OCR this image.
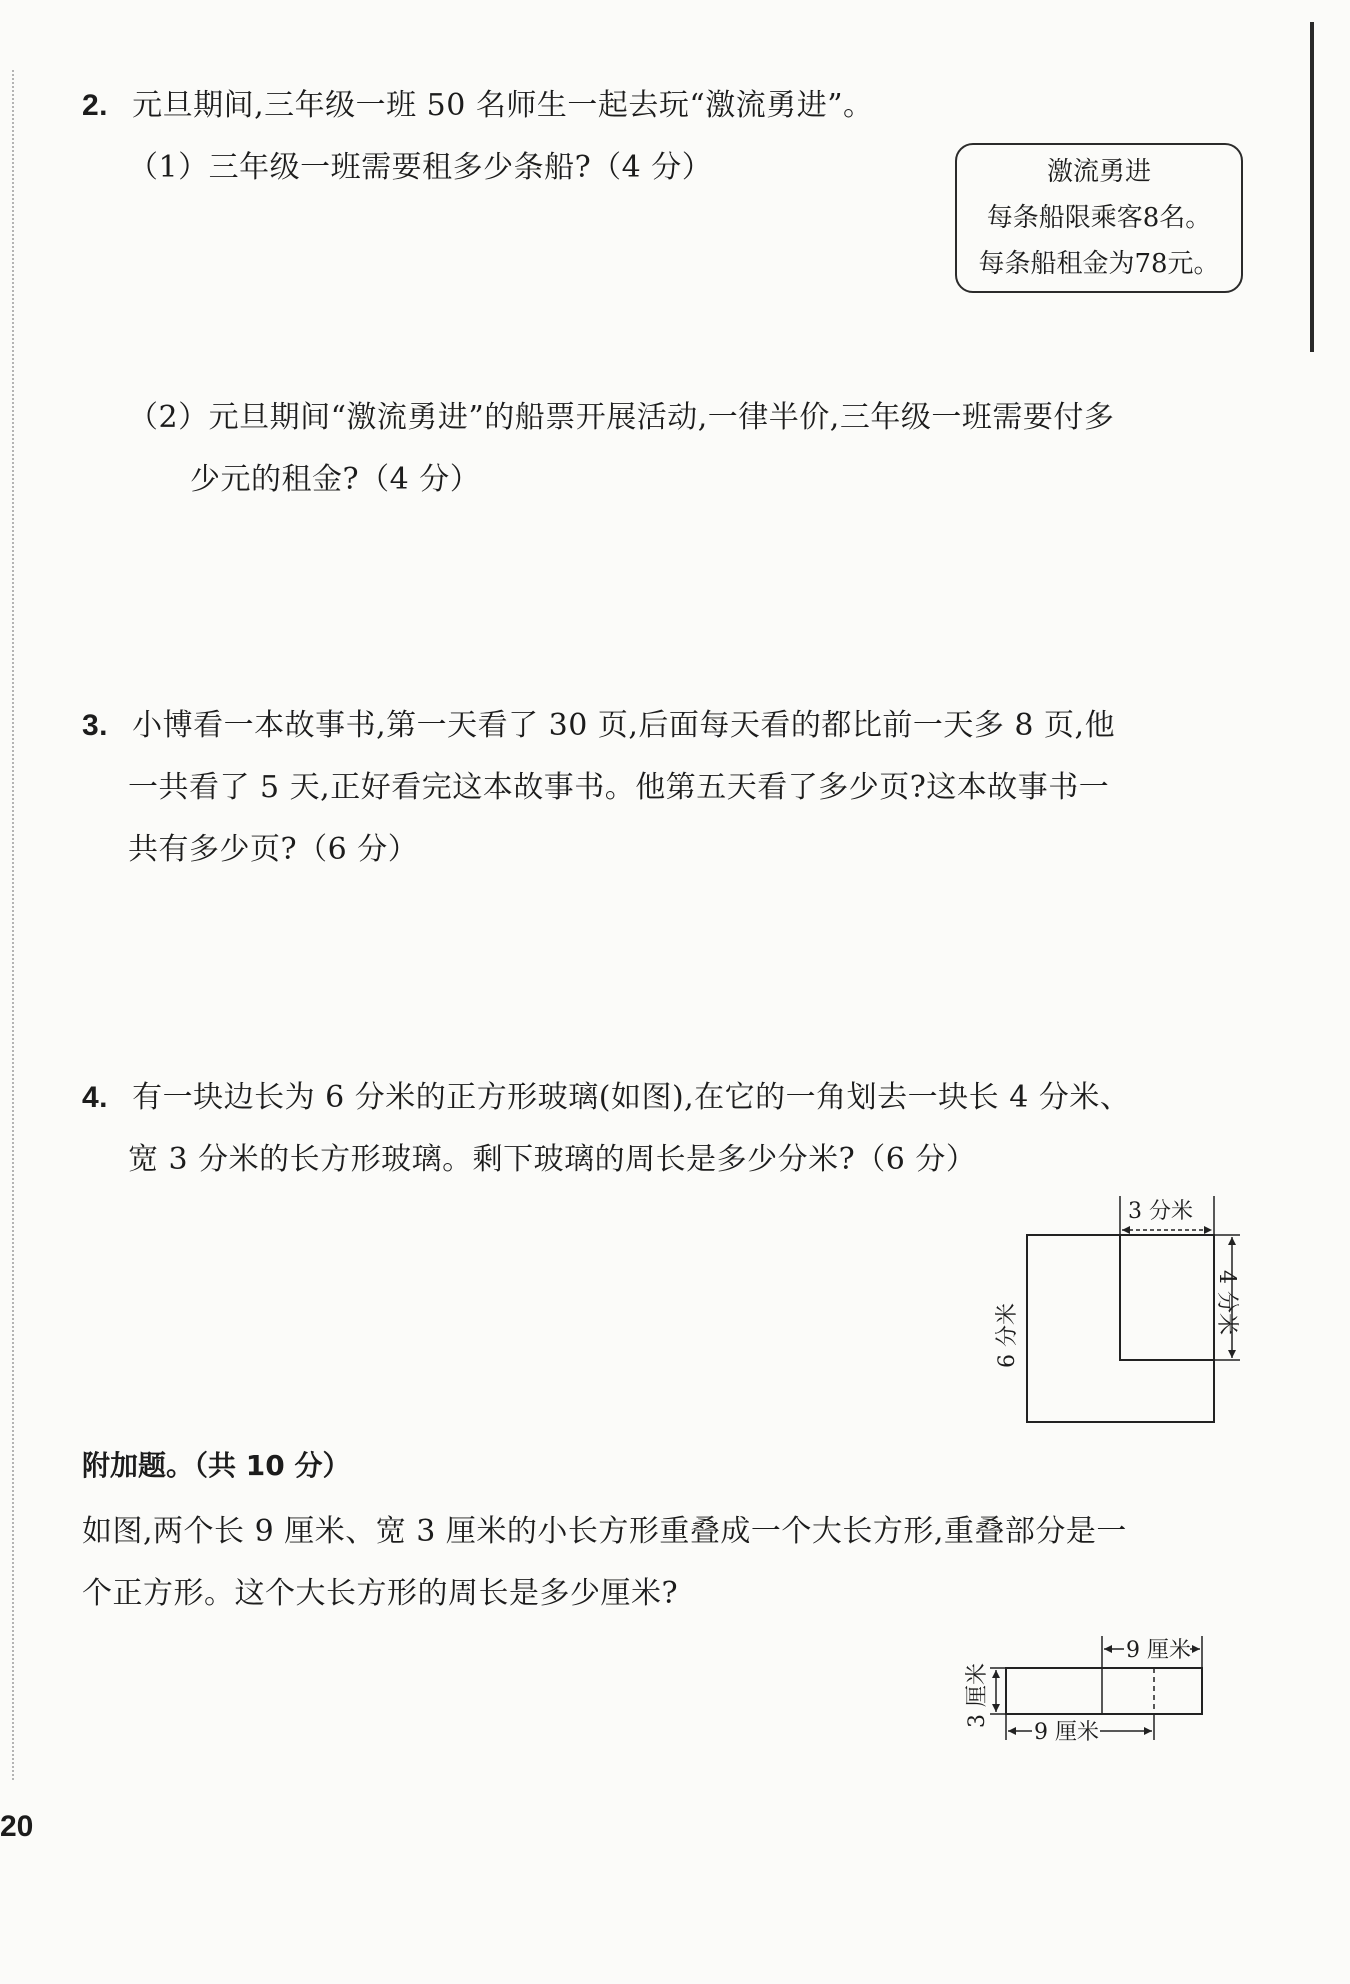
2. 元旦期间,三年级一班 50 名师生一起去玩“激流勇进”。
（1）三年级一班需要租多少条船?（4 分）	激流勇进
每条船限乘客8名。
每条船租金为78元。
（2）元旦期间“激流勇进”的船票开展活动,一律半价,三年级一班需要付多
少元的租金?（4 分）
3. 小博看一本故事书,第一天看了 30 页,后面每天看的都比前一天多 8 页,他
一共看了 5 天,正好看完这本故事书。他第五天看了多少页?这本故事书一
共有多少页?（6 分）
4. 有一块边长为 6 分米的正方形玻璃(如图),在它的一角划去一块长 4 分米、
宽 3 分米的长方形玻璃。剩下玻璃的周长是多少分米?（6 分）
3 分米
4 分米
6 分米
附加题。（共 10 分）
如图,两个长 9 厘米、宽 3 厘米的小长方形重叠成一个大长方形,重叠部分是一
个正方形。这个大长方形的周长是多少厘米?
9 厘米
9 厘米
3 厘米
20
